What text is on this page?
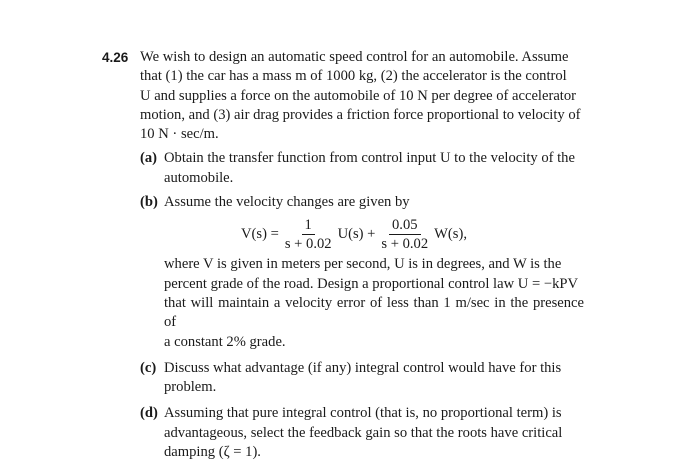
4.26 We wish to design an automatic speed control for an automobile. Assume
that (1) the car has a mass m of 1000 kg, (2) the accelerator is the control
U and supplies a force on the automobile of 10 N per degree of accelerator
motion, and (3) air drag provides a friction force proportional to velocity of
10 N · sec/m.
(a) Obtain the transfer function from control input U to the velocity of the
automobile.
(b) Assume the velocity changes are given by
$V(s) = \frac{1}{s + 0.02} U(s) + \frac{0.05}{s + 0.02} W(s)$,
where V is given in meters per second, U is in degrees, and W is the
percent grade of the road. Design a proportional control law U = −kPV
that will maintain a velocity error of less than 1 m/sec in the presence of
a constant 2% grade.
(c) Discuss what advantage (if any) integral control would have for this
problem.
(d) Assuming that pure integral control (that is, no proportional term) is
advantageous, select the feedback gain so that the roots have critical
damping (ζ = 1).
